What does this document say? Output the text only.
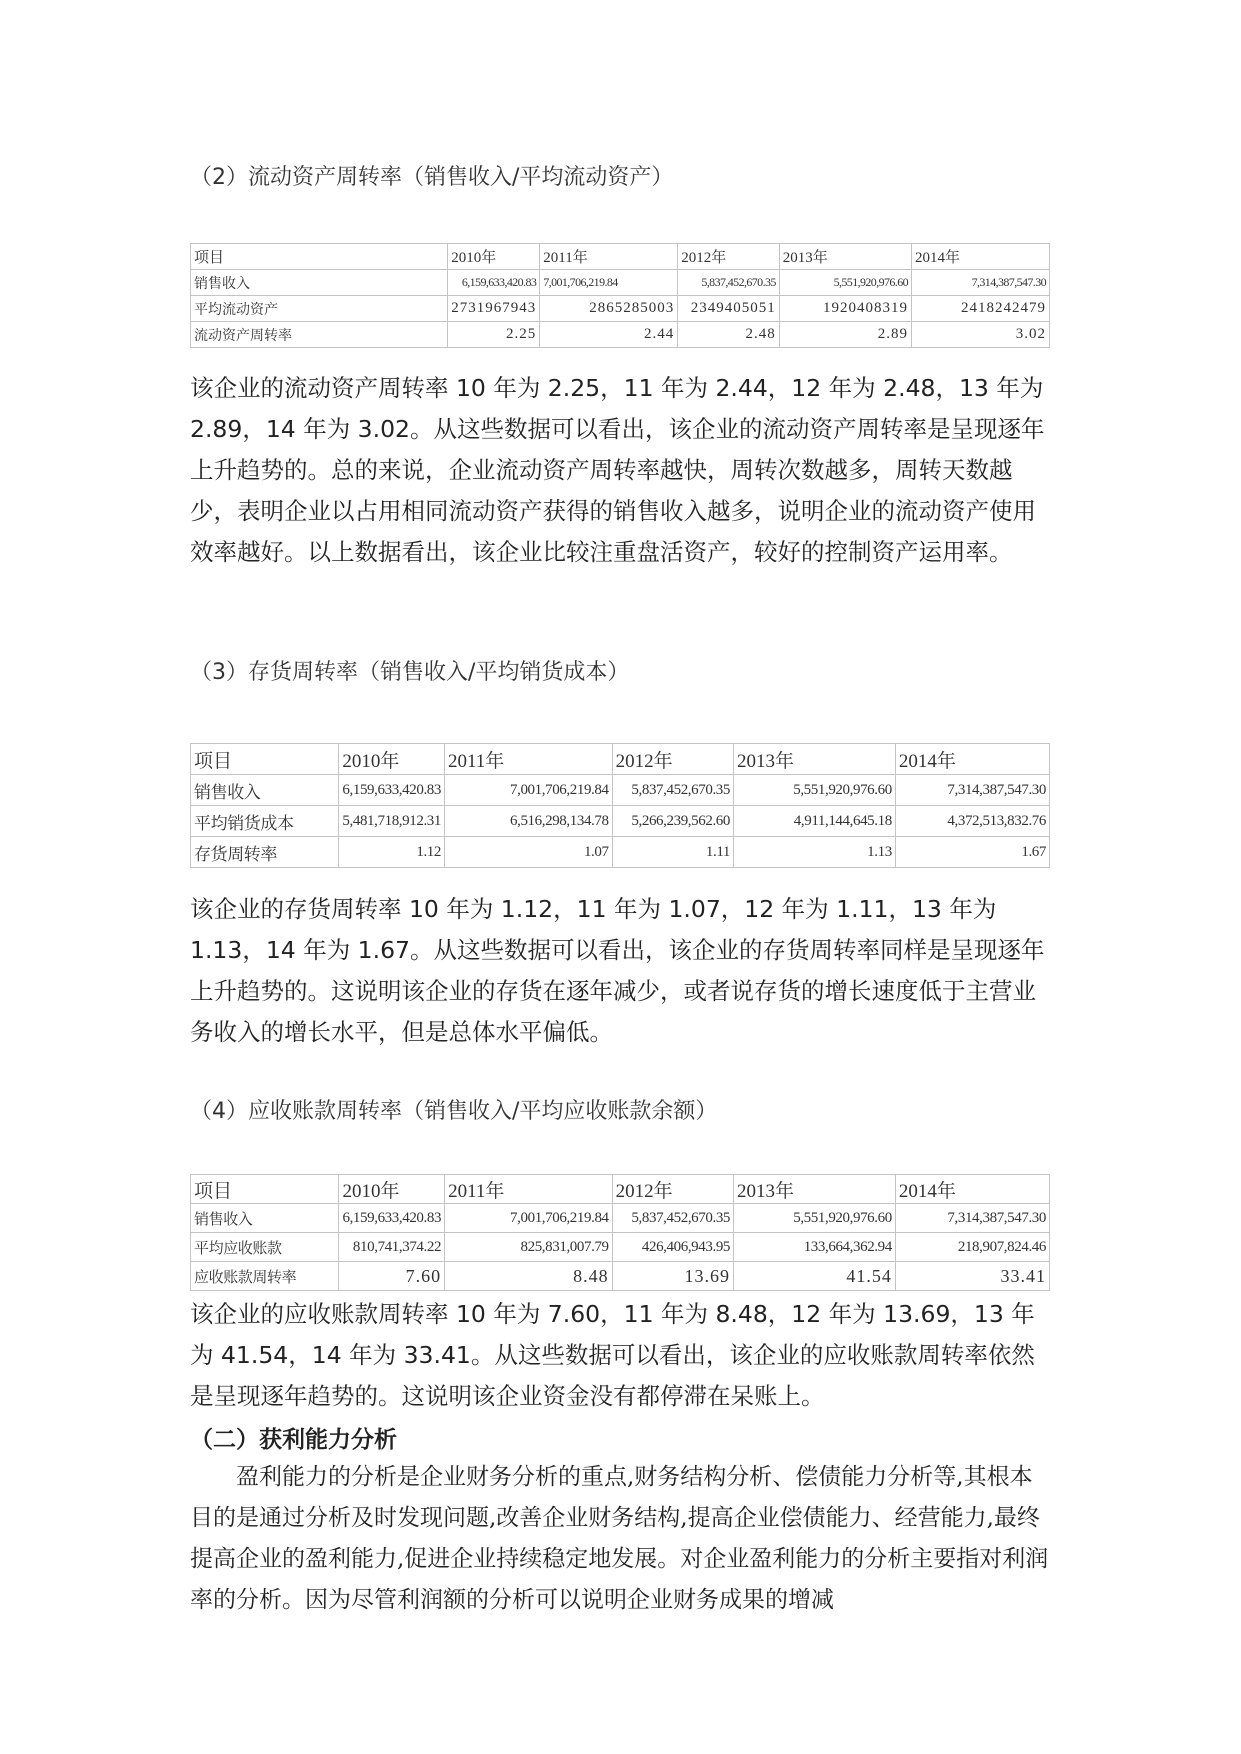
（2）流动资产周转率（销售收入/平均流动资产）
项目	2010年	2011年	2012年	2013年	2014年
销售收入	6,159,633,420.83	7,001,706,219.84	5,837,452,670.35	5,551,920,976.60	7,314,387,547.30
平均流动资产	2731967943	2865285003	2349405051	1920408319	2418242479
流动资产周转率	2.25	2.44	2.48	2.89	3.02

该企业的流动资产周转率 10 年为 2.25，11 年为 2.44，12 年为 2.48，13 年为 2.89，14 年为 3.02。从这些数据可以看出，该企业的流动资产周转率是呈现逐年上升趋势的。总的来说，企业流动资产周转率越快，周转次数越多，周转天数越少，表明企业以占用相同流动资产获得的销售收入越多，说明企业的流动资产使用效率越好。以上数据看出，该企业比较注重盘活资产，较好的控制资产运用率。

（3）存货周转率（销售收入/平均销货成本）
项目	2010年	2011年	2012年	2013年	2014年
销售收入	6,159,633,420.83	7,001,706,219.84	5,837,452,670.35	5,551,920,976.60	7,314,387,547.30
平均销货成本	5,481,718,912.31	6,516,298,134.78	5,266,239,562.60	4,911,144,645.18	4,372,513,832.76
存货周转率	1.12	1.07	1.11	1.13	1.67

该企业的存货周转率 10 年为 1.12，11 年为 1.07，12 年为 1.11，13 年为 1.13，14 年为 1.67。从这些数据可以看出，该企业的存货周转率同样是呈现逐年上升趋势的。这说明该企业的存货在逐年减少，或者说存货的增长速度低于主营业务收入的增长水平，但是总体水平偏低。

（4）应收账款周转率（销售收入/平均应收账款余额）
项目	2010年	2011年	2012年	2013年	2014年
销售收入	6,159,633,420.83	7,001,706,219.84	5,837,452,670.35	5,551,920,976.60	7,314,387,547.30
平均应收账款	810,741,374.22	825,831,007.79	426,406,943.95	133,664,362.94	218,907,824.46
应收账款周转率	7.60	8.48	13.69	41.54	33.41

该企业的应收账款周转率 10 年为 7.60，11 年为 8.48，12 年为 13.69，13 年为 41.54，14 年为 33.41。从这些数据可以看出，该企业的应收账款周转率依然是呈现逐年趋势的。这说明该企业资金没有都停滞在呆账上。

（二）获利能力分析

盈利能力的分析是企业财务分析的重点,财务结构分析、偿债能力分析等,其根本目的是通过分析及时发现问题,改善企业财务结构,提高企业偿债能力、经营能力,最终提高企业的盈利能力,促进企业持续稳定地发展。对企业盈利能力的分析主要指对利润率的分析。因为尽管利润额的分析可以说明企业财务成果的增减
